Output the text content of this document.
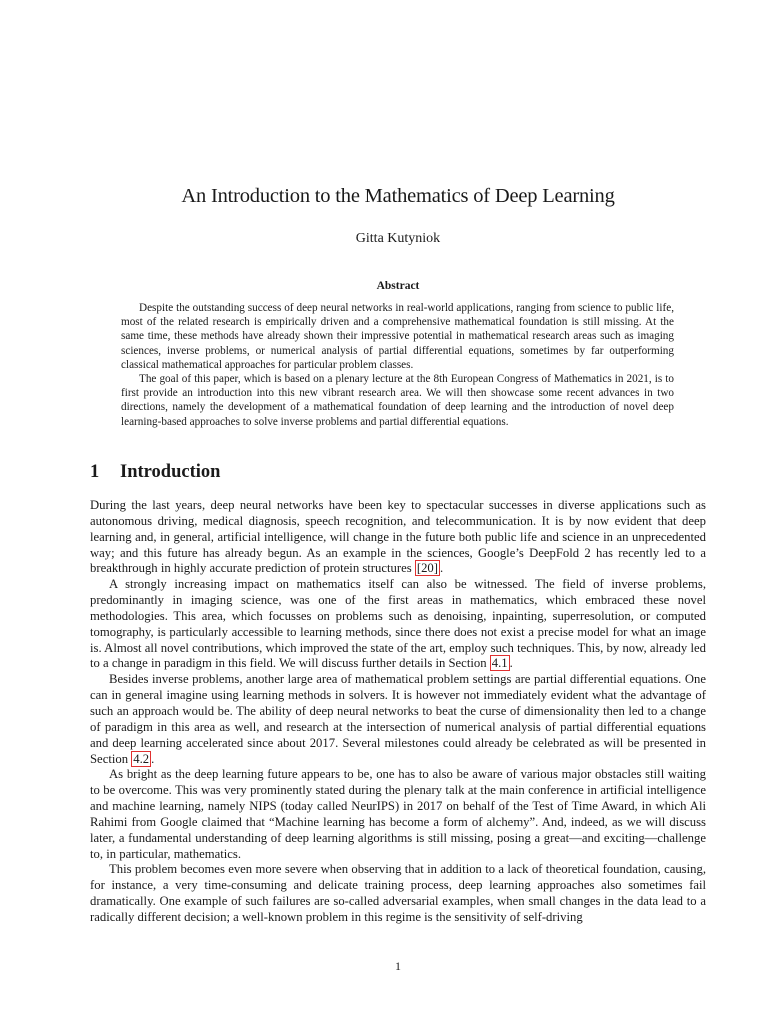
An Introduction to the Mathematics of Deep Learning
Gitta Kutyniok
Abstract

Despite the outstanding success of deep neural networks in real-world applications, ranging from science to public life, most of the related research is empirically driven and a comprehensive mathematical foundation is still missing. At the same time, these methods have already shown their impressive potential in mathematical research areas such as imaging sciences, inverse problems, or numerical analysis of partial differential equations, sometimes by far outperforming classical mathematical approaches for particular problem classes.

The goal of this paper, which is based on a plenary lecture at the 8th European Congress of Mathematics in 2021, is to first provide an introduction into this new vibrant research area. We will then showcase some recent advances in two directions, namely the development of a mathematical foundation of deep learning and the introduction of novel deep learning-based approaches to solve inverse problems and partial differential equations.

1 Introduction

During the last years, deep neural networks have been key to spectacular successes in diverse applications such as autonomous driving, medical diagnosis, speech recognition, and telecommunication. It is by now evident that deep learning and, in general, artificial intelligence, will change in the future both public life and science in an unprecedented way; and this future has already begun. As an example in the sciences, Google’s DeepFold 2 has recently led to a breakthrough in highly accurate prediction of protein structures [20] .

A strongly increasing impact on mathematics itself can also be witnessed. The field of inverse problems, predominantly in imaging science, was one of the first areas in mathematics, which embraced these novel methodologies. This area, which focusses on problems such as denoising, inpainting, superresolution, or computed tomography, is particularly accessible to learning methods, since there does not exist a precise model for what an image is. Almost all novel contributions, which improved the state of the art, employ such techniques. This, by now, already led to a change in paradigm in this field. We will discuss further details in Section 4.1 .

Besides inverse problems, another large area of mathematical problem settings are partial differential equations. One can in general imagine using learning methods in solvers. It is however not immediately evident what the advantage of such an approach would be. The ability of deep neural networks to beat the curse of dimensionality then led to a change of paradigm in this area as well, and research at the intersection of numerical analysis of partial differential equations and deep learning accelerated since about 2017. Several milestones could already be celebrated as will be presented in Section 4.2 .

As bright as the deep learning future appears to be, one has to also be aware of various major obstacles still waiting to be overcome. This was very prominently stated during the plenary talk at the main conference in artificial intelligence and machine learning, namely NIPS (today called NeurIPS) in 2017 on behalf of the Test of Time Award, in which Ali Rahimi from Google claimed that “Machine learning has become a form of alchemy”. And, indeed, as we will discuss later, a fundamental understanding of deep learning algorithms is still missing, posing a great—and exciting—challenge to, in particular, mathematics.

This problem becomes even more severe when observing that in addition to a lack of theoretical foundation, causing, for instance, a very time-consuming and delicate training process, deep learning approaches also sometimes fail dramatically. One example of such failures are so-called adversarial examples, when small changes in the data lead to a radically different decision; a well-known problem in this regime is the sensitivity of self-driving

1
